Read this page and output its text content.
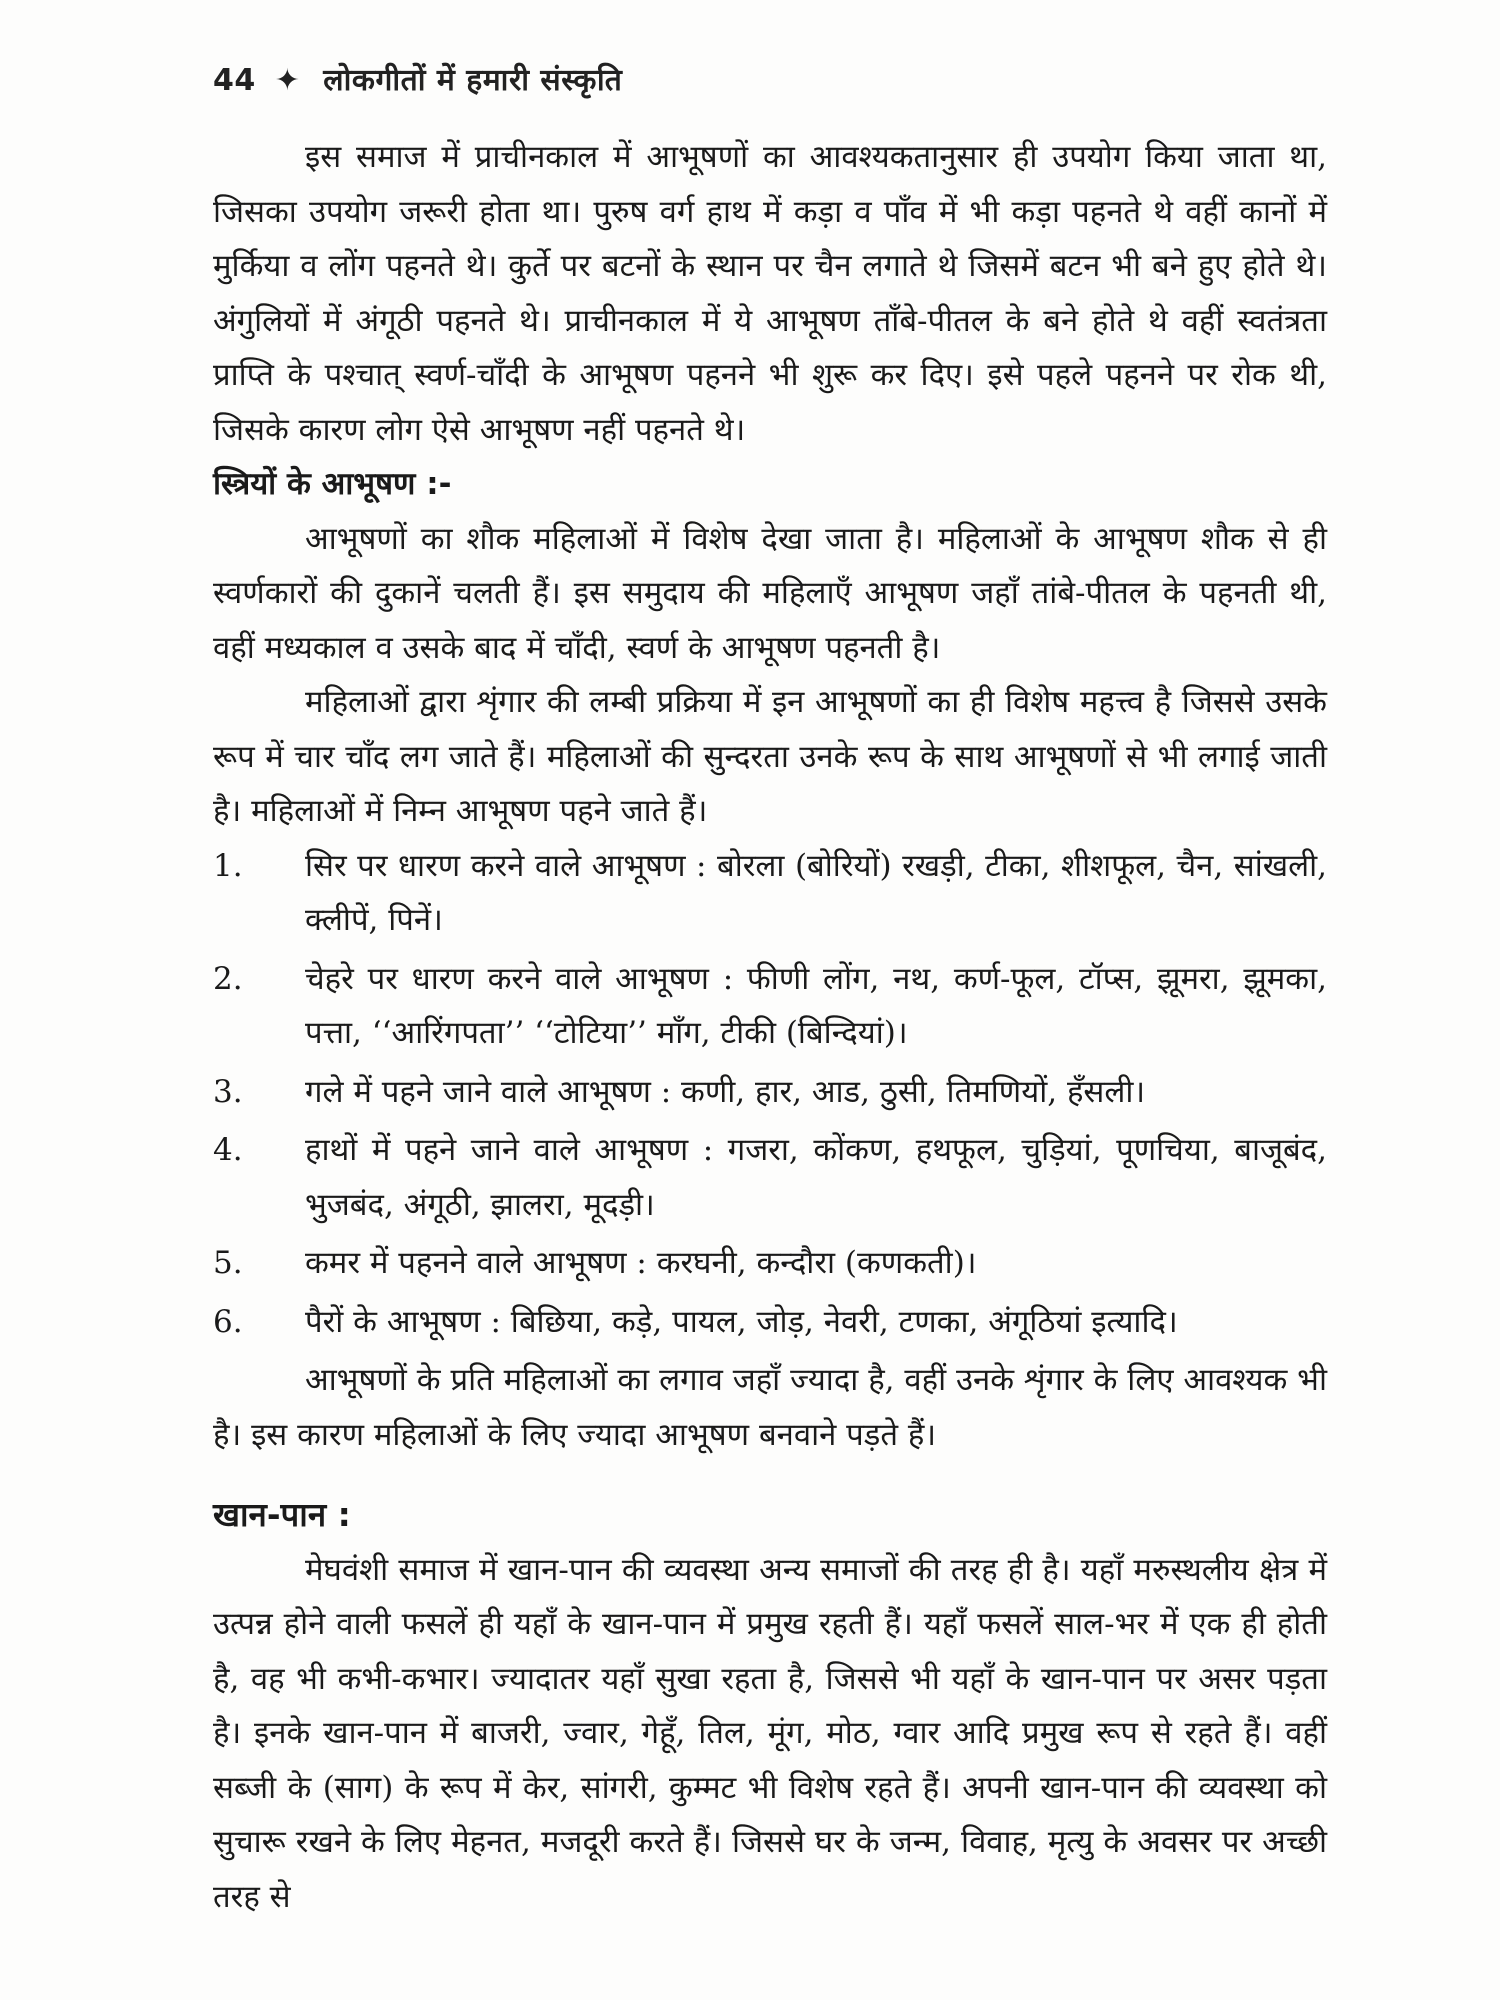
44 ✦ लोकगीतों में हमारी संस्कृति

इस समाज में प्राचीनकाल में आभूषणों का आवश्यकतानुसार ही उपयोग किया जाता था, जिसका उपयोग जरूरी होता था। पुरुष वर्ग हाथ में कड़ा व पाँव में भी कड़ा पहनते थे वहीं कानों में मुर्किया व लोंग पहनते थे। कुर्ते पर बटनों के स्थान पर चैन लगाते थे जिसमें बटन भी बने हुए होते थे। अंगुलियों में अंगूठी पहनते थे। प्राचीनकाल में ये आभूषण ताँबे-पीतल के बने होते थे वहीं स्वतंत्रता प्राप्ति के पश्चात् स्वर्ण-चाँदी के आभूषण पहनने भी शुरू कर दिए। इसे पहले पहनने पर रोक थी, जिसके कारण लोग ऐसे आभूषण नहीं पहनते थे।

स्त्रियों के आभूषण :-

आभूषणों का शौक महिलाओं में विशेष देखा जाता है। महिलाओं के आभूषण शौक से ही स्वर्णकारों की दुकानें चलती हैं। इस समुदाय की महिलाएँ आभूषण जहाँ तांबे-पीतल के पहनती थी, वहीं मध्यकाल व उसके बाद में चाँदी, स्वर्ण के आभूषण पहनती है।

महिलाओं द्वारा शृंगार की लम्बी प्रक्रिया में इन आभूषणों का ही विशेष महत्त्व है जिससे उसके रूप में चार चाँद लग जाते हैं। महिलाओं की सुन्दरता उनके रूप के साथ आभूषणों से भी लगाई जाती है। महिलाओं में निम्न आभूषण पहने जाते हैं।

1. सिर पर धारण करने वाले आभूषण : बोरला (बोरियों) रखड़ी, टीका, शीशफूल, चैन, सांखली, क्लीपें, पिनें।
2. चेहरे पर धारण करने वाले आभूषण : फीणी लोंग, नथ, कर्ण-फूल, टॉप्स, झूमरा, झूमका, पत्ता, ‘‘आरिंगपता’’ ‘‘टोटिया’’ माँग, टीकी (बिन्दियां)।
3. गले में पहने जाने वाले आभूषण : कणी, हार, आड, ठुसी, तिमणियों, हँसली।
4. हाथों में पहने जाने वाले आभूषण : गजरा, कोंकण, हथफूल, चुड़ियां, पूणचिया, बाजूबंद, भुजबंद, अंगूठी, झालरा, मूदड़ी।
5. कमर में पहनने वाले आभूषण : करघनी, कन्दौरा (कणकती)।
6. पैरों के आभूषण : बिछिया, कड़े, पायल, जोड़, नेवरी, टणका, अंगूठियां इत्यादि।

आभूषणों के प्रति महिलाओं का लगाव जहाँ ज्यादा है, वहीं उनके शृंगार के लिए आवश्यक भी है। इस कारण महिलाओं के लिए ज्यादा आभूषण बनवाने पड़ते हैं।

खान-पान :

मेघवंशी समाज में खान-पान की व्यवस्था अन्य समाजों की तरह ही है। यहाँ मरुस्थलीय क्षेत्र में उत्पन्न होने वाली फसलें ही यहाँ के खान-पान में प्रमुख रहती हैं। यहाँ फसलें साल-भर में एक ही होती है, वह भी कभी-कभार। ज्यादातर यहाँ सुखा रहता है, जिससे भी यहाँ के खान-पान पर असर पड़ता है। इनके खान-पान में बाजरी, ज्वार, गेहूँ, तिल, मूंग, मोठ, ग्वार आदि प्रमुख रूप से रहते हैं। वहीं सब्जी के (साग) के रूप में केर, सांगरी, कुम्मट भी विशेष रहते हैं। अपनी खान-पान की व्यवस्था को सुचारू रखने के लिए मेहनत, मजदूरी करते हैं। जिससे घर के जन्म, विवाह, मृत्यु के अवसर पर अच्छी तरह से
